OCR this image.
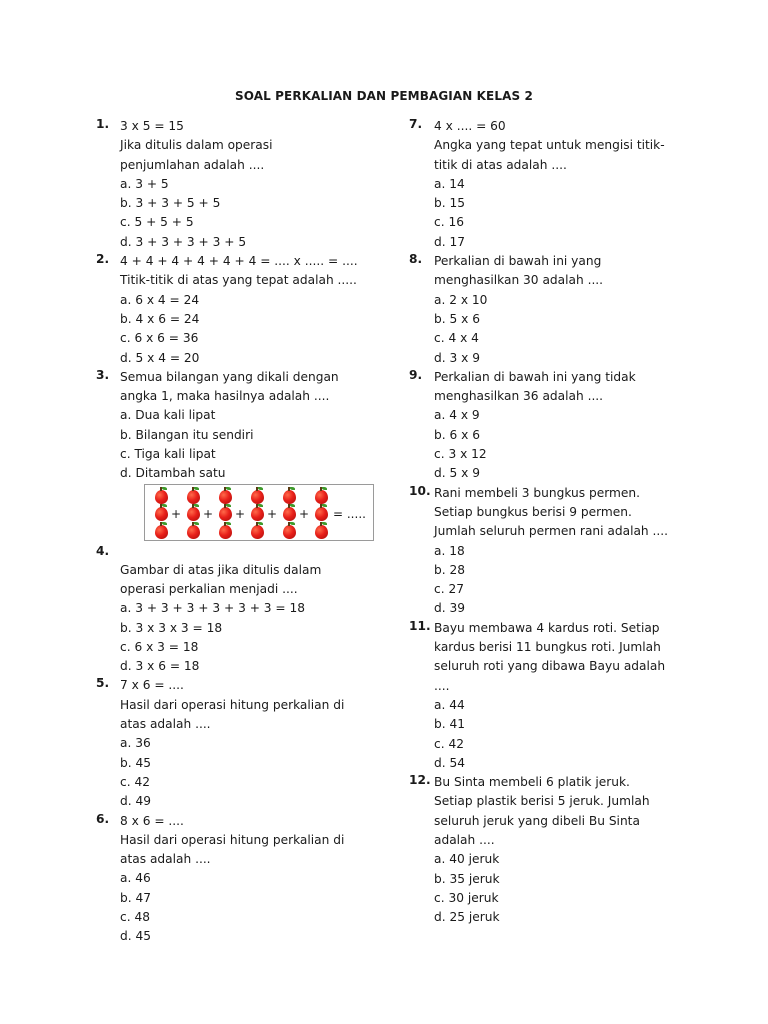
SOAL PERKALIAN DAN PEMBAGIAN KELAS 2
1. 3 x 5 = 15
Jika ditulis dalam operasi
penjumlahan adalah ....
a. 3 + 5
b. 3 + 3 + 5 + 5
c. 5 + 5 + 5
d. 3 + 3 + 3 + 3 + 5
2. 4 + 4 + 4 + 4 + 4 + 4 = .... x ..... = ....
Titik-titik di atas yang tepat adalah .....
a. 6 x 4 = 24
b. 4 x 6 = 24
c. 6 x 6 = 36
d. 5 x 4 = 20
3. Semua bilangan yang dikali dengan
angka 1, maka hasilnya adalah ....
a. Dua kali lipat
b. Bilangan itu sendiri
c. Tiga kali lipat
d. Ditambah satu
+ + + + + = .....
4.
Gambar di atas jika ditulis dalam
operasi perkalian menjadi ....
a. 3 + 3 + 3 + 3 + 3 + 3 = 18
b. 3 x 3 x 3 = 18
c. 6 x 3 = 18
d. 3 x 6 = 18
5. 7 x 6 = ....
Hasil dari operasi hitung perkalian di
atas adalah ....
a. 36
b. 45
c. 42
d. 49
6. 8 x 6 = ....
Hasil dari operasi hitung perkalian di
atas adalah ....
a. 46
b. 47
c. 48
d. 45
7. 4 x .... = 60
Angka yang tepat untuk mengisi titik-
titik di atas adalah ....
a. 14
b. 15
c. 16
d. 17
8. Perkalian di bawah ini yang
menghasilkan 30 adalah ....
a. 2 x 10
b. 5 x 6
c. 4 x 4
d. 3 x 9
9. Perkalian di bawah ini yang tidak
menghasilkan 36 adalah ....
a. 4 x 9
b. 6 x 6
c. 3 x 12
d. 5 x 9
10. Rani membeli 3 bungkus permen.
Setiap bungkus berisi 9 permen.
Jumlah seluruh permen rani adalah ....
a. 18
b. 28
c. 27
d. 39
11. Bayu membawa 4 kardus roti. Setiap
kardus berisi 11 bungkus roti. Jumlah
seluruh roti yang dibawa Bayu adalah
....
a. 44
b. 41
c. 42
d. 54
12. Bu Sinta membeli 6 platik jeruk.
Setiap plastik berisi 5 jeruk. Jumlah
seluruh jeruk yang dibeli Bu Sinta
adalah ....
a. 40 jeruk
b. 35 jeruk
c. 30 jeruk
d. 25 jeruk
